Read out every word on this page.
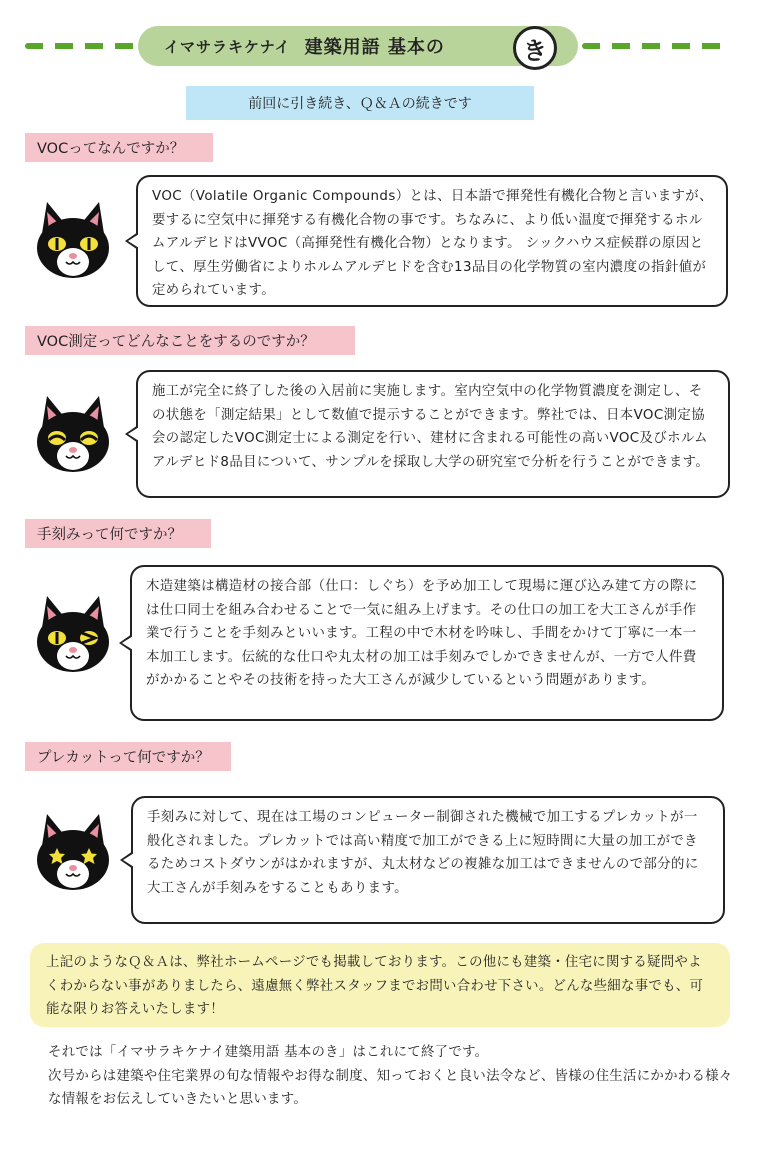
イマサラキケナイ 建築用語 基本の	き
前回に引き続き、Ｑ＆Ａの続きです
VOCってなんですか？
VOC（Volatile Organic Compounds）とは、日本語で揮発性有機化合物と言いますが、要するに空気中に揮発する有機化合物の事です。ちなみに、より低い温度で揮発するホルムアルデヒドはVVOC（高揮発性有機化合物）となります。 シックハウス症候群の原因として、厚生労働省によりホルムアルデヒドを含む13品目の化学物質の室内濃度の指針値が定められています。
VOC測定ってどんなことをするのですか？
施工が完全に終了した後の入居前に実施します。室内空気中の化学物質濃度を測定し、その状態を「測定結果」として数値で提示することができます。弊社では、日本VOC測定協会の認定したVOC測定士による測定を行い、建材に含まれる可能性の高いVOC及びホルムアルデヒド8品目について、サンプルを採取し大学の研究室で分析を行うことができます。
手刻みって何ですか？
木造建築は構造材の接合部（仕口：しぐち）を予め加工して現場に運び込み建て方の際には仕口同士を組み合わせることで一気に組み上げます。その仕口の加工を大工さんが手作業で行うことを手刻みといいます。工程の中で木材を吟味し、手間をかけて丁寧に一本一本加工します。伝統的な仕口や丸太材の加工は手刻みでしかできませんが、一方で人件費がかかることやその技術を持った大工さんが減少しているという問題があります。
プレカットって何ですか？
手刻みに対して、現在は工場のコンピューター制御された機械で加工するプレカットが一般化されました。プレカットでは高い精度で加工ができる上に短時間に大量の加工ができるためコストダウンがはかれますが、丸太材などの複雑な加工はできませんので部分的に大工さんが手刻みをすることもあります。
上記のようなＱ＆Ａは、弊社ホームページでも掲載しております。この他にも建築・住宅に関する疑問やよくわからない事がありましたら、遠慮無く弊社スタッフまでお問い合わせ下さい。どんな些細な事でも、可能な限りお答えいたします！

それでは「イマサラキケナイ建築用語 基本のき」はこれにて終了です。

次号からは建築や住宅業界の旬な情報やお得な制度、知っておくと良い法令など、皆様の住生活にかかわる様々な情報をお伝えしていきたいと思います。
